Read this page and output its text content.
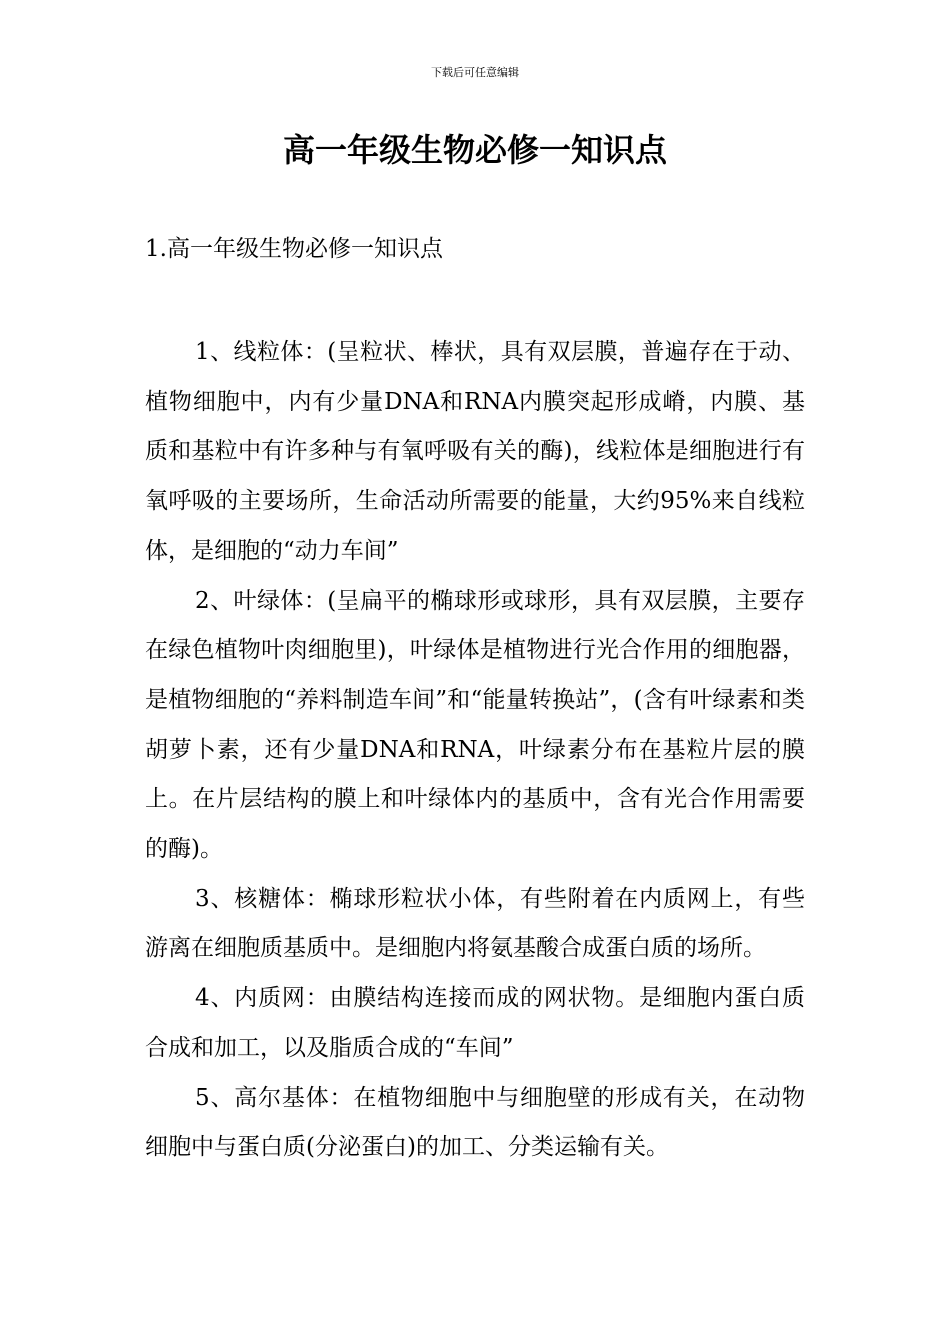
下载后可任意编辑
高一年级生物必修一知识点
1.高一年级生物必修一知识点

1、线粒体：(呈粒状、棒状，具有双层膜，普遍存在于动、植物细胞中，内有少量DNA和RNA内膜突起形成嵴，内膜、基质和基粒中有许多种与有氧呼吸有关的酶)，线粒体是细胞进行有氧呼吸的主要场所，生命活动所需要的能量，大约95%来自线粒体，是细胞的“动力车间”

2、叶绿体：(呈扁平的椭球形或球形，具有双层膜，主要存在绿色植物叶肉细胞里)，叶绿体是植物进行光合作用的细胞器，是植物细胞的“养料制造车间”和“能量转换站”，(含有叶绿素和类胡萝卜素，还有少量DNA和RNA，叶绿素分布在基粒片层的膜上。在片层结构的膜上和叶绿体内的基质中，含有光合作用需要的酶)。

3、核糖体：椭球形粒状小体，有些附着在内质网上，有些游离在细胞质基质中。是细胞内将氨基酸合成蛋白质的场所。

4、内质网：由膜结构连接而成的网状物。是细胞内蛋白质合成和加工，以及脂质合成的“车间”

5、高尔基体：在植物细胞中与细胞壁的形成有关，在动物细胞中与蛋白质(分泌蛋白)的加工、分类运输有关。
